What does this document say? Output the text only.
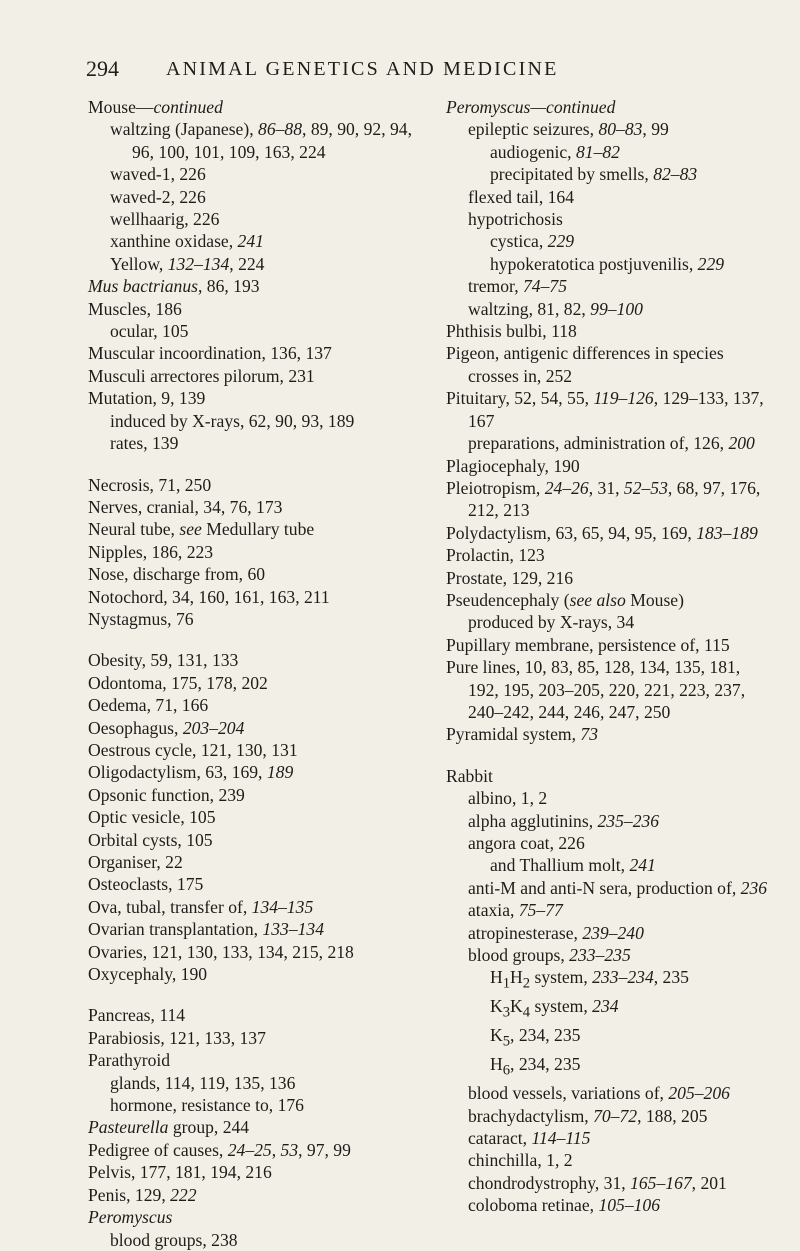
294 ANIMAL GENETICS AND MEDICINE
Mouse—continued
waltzing (Japanese), 86–88, 89, 90, 92, 94, 96, 100, 101, 109, 163, 224
waved-1, 226
waved-2, 226
wellhaarig, 226
xanthine oxidase, 241
Yellow, 132–134, 224
Mus bactrianus, 86, 193
Muscles, 186
ocular, 105
Muscular incoordination, 136, 137
Musculi arrectores pilorum, 231
Mutation, 9, 139
induced by X-rays, 62, 90, 93, 189
rates, 139
Necrosis, 71, 250
Nerves, cranial, 34, 76, 173
Neural tube, see Medullary tube
Nipples, 186, 223
Nose, discharge from, 60
Notochord, 34, 160, 161, 163, 211
Nystagmus, 76
Obesity, 59, 131, 133
Odontoma, 175, 178, 202
Oedema, 71, 166
Oesophagus, 203–204
Oestrous cycle, 121, 130, 131
Oligodactylism, 63, 169, 189
Opsonic function, 239
Optic vesicle, 105
Orbital cysts, 105
Organiser, 22
Osteoclasts, 175
Ova, tubal, transfer of, 134–135
Ovarian transplantation, 133–134
Ovaries, 121, 130, 133, 134, 215, 218
Oxycephaly, 190
Pancreas, 114
Parabiosis, 121, 133, 137
Parathyroid
glands, 114, 119, 135, 136
hormone, resistance to, 176
Pasteurella group, 244
Pedigree of causes, 24–25, 53, 97, 99
Pelvis, 177, 181, 194, 216
Penis, 129, 222
Peromyscus
blood groups, 238
Peromyscus—continued
epileptic seizures, 80–83, 99
audiogenic, 81–82
precipitated by smells, 82–83
flexed tail, 164
hypotrichosis
cystica, 229
hypokeratotica postjuvenilis, 229
tremor, 74–75
waltzing, 81, 82, 99–100
Phthisis bulbi, 118
Pigeon, antigenic differences in species crosses in, 252
Pituitary, 52, 54, 55, 119–126, 129–133, 137, 167
preparations, administration of, 126, 200
Plagiocephaly, 190
Pleiotropism, 24–26, 31, 52–53, 68, 97, 176, 212, 213
Polydactylism, 63, 65, 94, 95, 169, 183–189
Prolactin, 123
Prostate, 129, 216
Pseudencephaly (see also Mouse)
produced by X-rays, 34
Pupillary membrane, persistence of, 115
Pure lines, 10, 83, 85, 128, 134, 135, 181, 192, 195, 203–205, 220, 221, 223, 237, 240–242, 244, 246, 247, 250
Pyramidal system, 73
Rabbit
albino, 1, 2
alpha agglutinins, 235–236
angora coat, 226
and Thallium molt, 241
anti-M and anti-N sera, production of, 236
ataxia, 75–77
atropinesterase, 239–240
blood groups, 233–235
$H_1H_2$ system, 233–234, 235
$K_3K_4$ system, 234
$K_5$, 234, 235
$H_6$, 234, 235
blood vessels, variations of, 205–206
brachydactylism, 70–72, 188, 205
cataract, 114–115
chinchilla, 1, 2
chondrodystrophy, 31, 165–167, 201
coloboma retinae, 105–106
